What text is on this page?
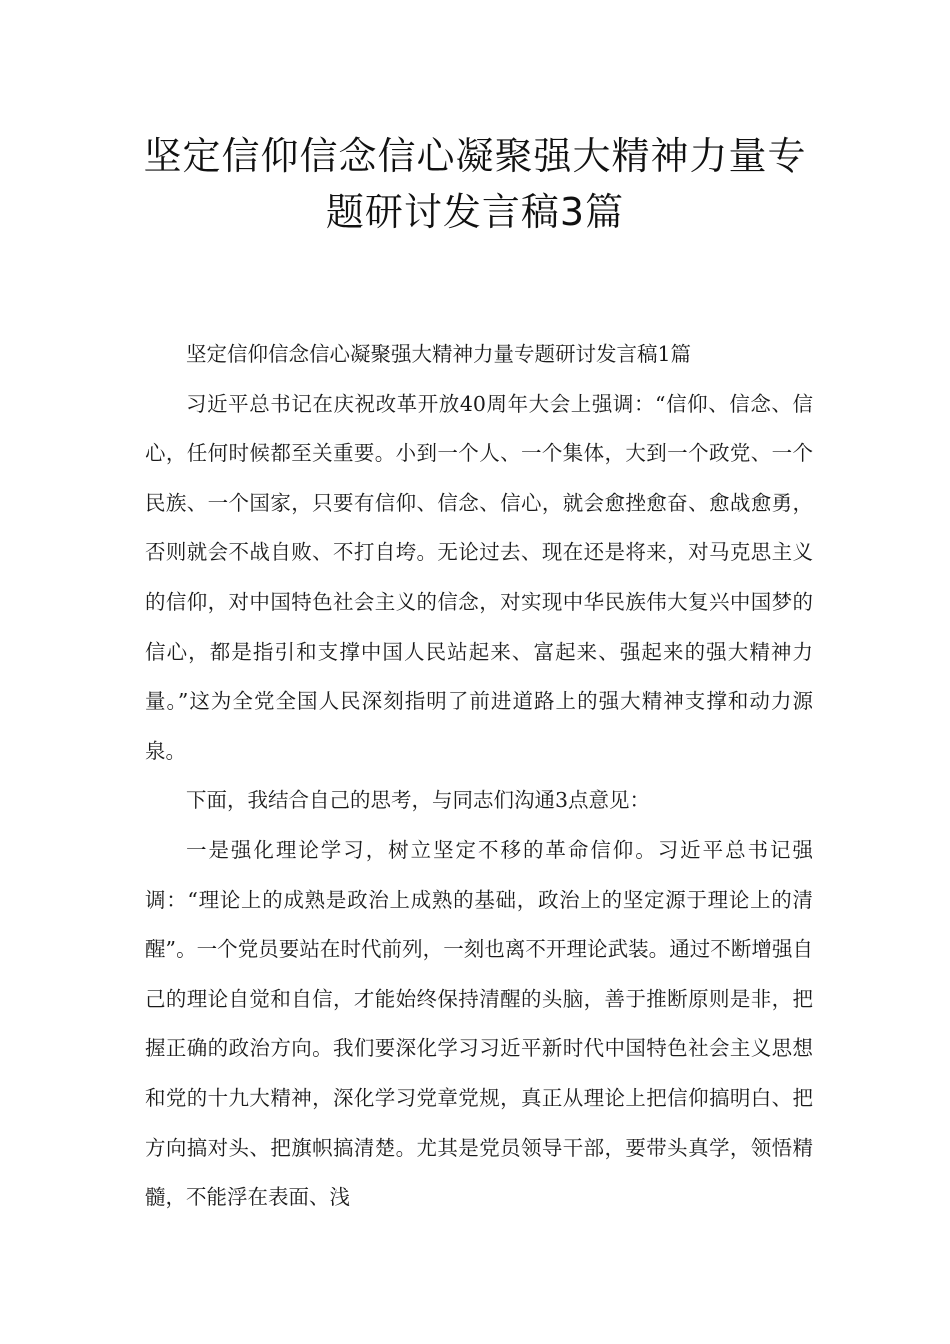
坚定信仰信念信心凝聚强大精神力量专
题研讨发言稿3篇

坚定信仰信念信心凝聚强大精神力量专题研讨发言稿1篇

习近平总书记在庆祝改革开放40周年大会上强调：“信仰、信念、信心，任何时候都至关重要。小到一个人、一个集体，大到一个政党、一个民族、一个国家，只要有信仰、信念、信心，就会愈挫愈奋、愈战愈勇，否则就会不战自败、不打自垮。无论过去、现在还是将来，对马克思主义的信仰，对中国特色社会主义的信念，对实现中华民族伟大复兴中国梦的信心，都是指引和支撑中国人民站起来、富起来、强起来的强大精神力量。”这为全党全国人民深刻指明了前进道路上的强大精神支撑和动力源泉。

下面，我结合自己的思考，与同志们沟通3点意见：

一是强化理论学习，树立坚定不移的革命信仰。习近平总书记强调：“理论上的成熟是政治上成熟的基础，政治上的坚定源于理论上的清醒”。一个党员要站在时代前列，一刻也离不开理论武装。通过不断增强自己的理论自觉和自信，才能始终保持清醒的头脑，善于推断原则是非，把握正确的政治方向。我们要深化学习习近平新时代中国特色社会主义思想和党的十九大精神，深化学习党章党规，真正从理论上把信仰搞明白、把方向搞对头、把旗帜搞清楚。尤其是党员领导干部，要带头真学，领悟精髓，不能浮在表面、浅
